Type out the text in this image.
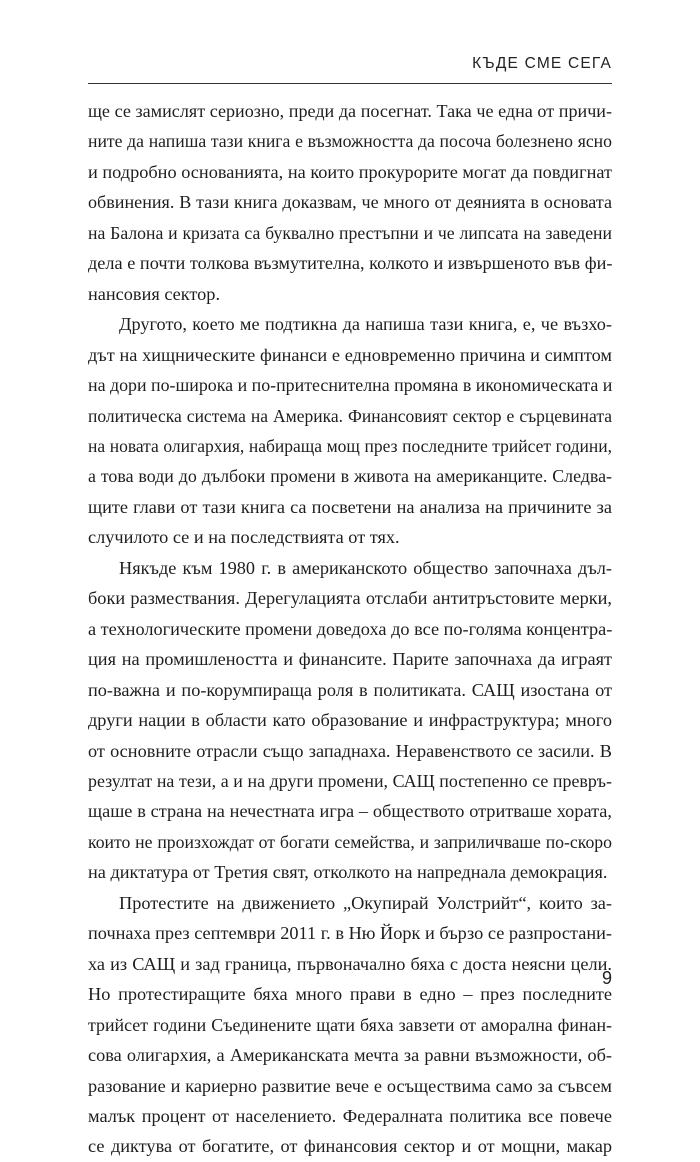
КЪДЕ СМЕ СЕГА
ще се замислят сериозно, преди да посегнат. Така че една от причи-
ните да напиша тази книга е възможността да посоча болезнено ясно
и подробно основанията, на които прокурорите могат да повдигнат
обвинения. В тази книга доказвам, че много от деянията в основата
на Балона и кризата са буквално престъпни и че липсата на заведени
дела е почти толкова възмутителна, колкото и извършеното във фи-
нансовия сектор.
Другото, което ме подтикна да напиша тази книга, е, че възхо-
дът на хищническите финанси е едновременно причина и симптом
на дори по-широка и по-притеснителна промяна в икономическата и
политическа система на Америка. Финансовият сектор е сърцевината
на новата олигархия, набираща мощ през последните трийсет години,
а това води до дълбоки промени в живота на американците. Следва-
щите глави от тази книга са посветени на анализа на причините за
случилото се и на последствията от тях.
Някъде към 1980 г. в американското общество започнаха дъл-
боки размествания. Дерегулацията отслаби антитръстовите мерки,
а технологическите промени доведоха до все по-голяма концентра-
ция на промишлеността и финансите. Парите започнаха да играят
по-важна и по-корумпираща роля в политиката. САЩ изостана от
други нации в области като образование и инфраструктура; много
от основните отрасли също западнаха. Неравенството се засили. В
резултат на тези, а и на други промени, САЩ постепенно се превръ-
щаше в страна на нечестната игра – обществото отритваше хората,
които не произхождат от богати семейства, и заприличваше по-скоро
на диктатура от Третия свят, отколкото на напреднала демокрация.
Протестите на движението „Окупирай Уолстрийт“, които за-
почнаха през септември 2011 г. в Ню Йорк и бързо се разпростани-
ха из САЩ и зад граница, първоначално бяха с доста неясни цели.
Но протестиращите бяха много прави в едно – през последните
трийсет години Съединените щати бяха завзети от аморална финан-
сова олигархия, а Американската мечта за равни възможности, об-
разование и кариерно развитие вече е осъществима само за съвсем
малък процент от населението. Федералната политика все повече
се диктува от богатите, от финансовия сектор и от мощни, макар
9
